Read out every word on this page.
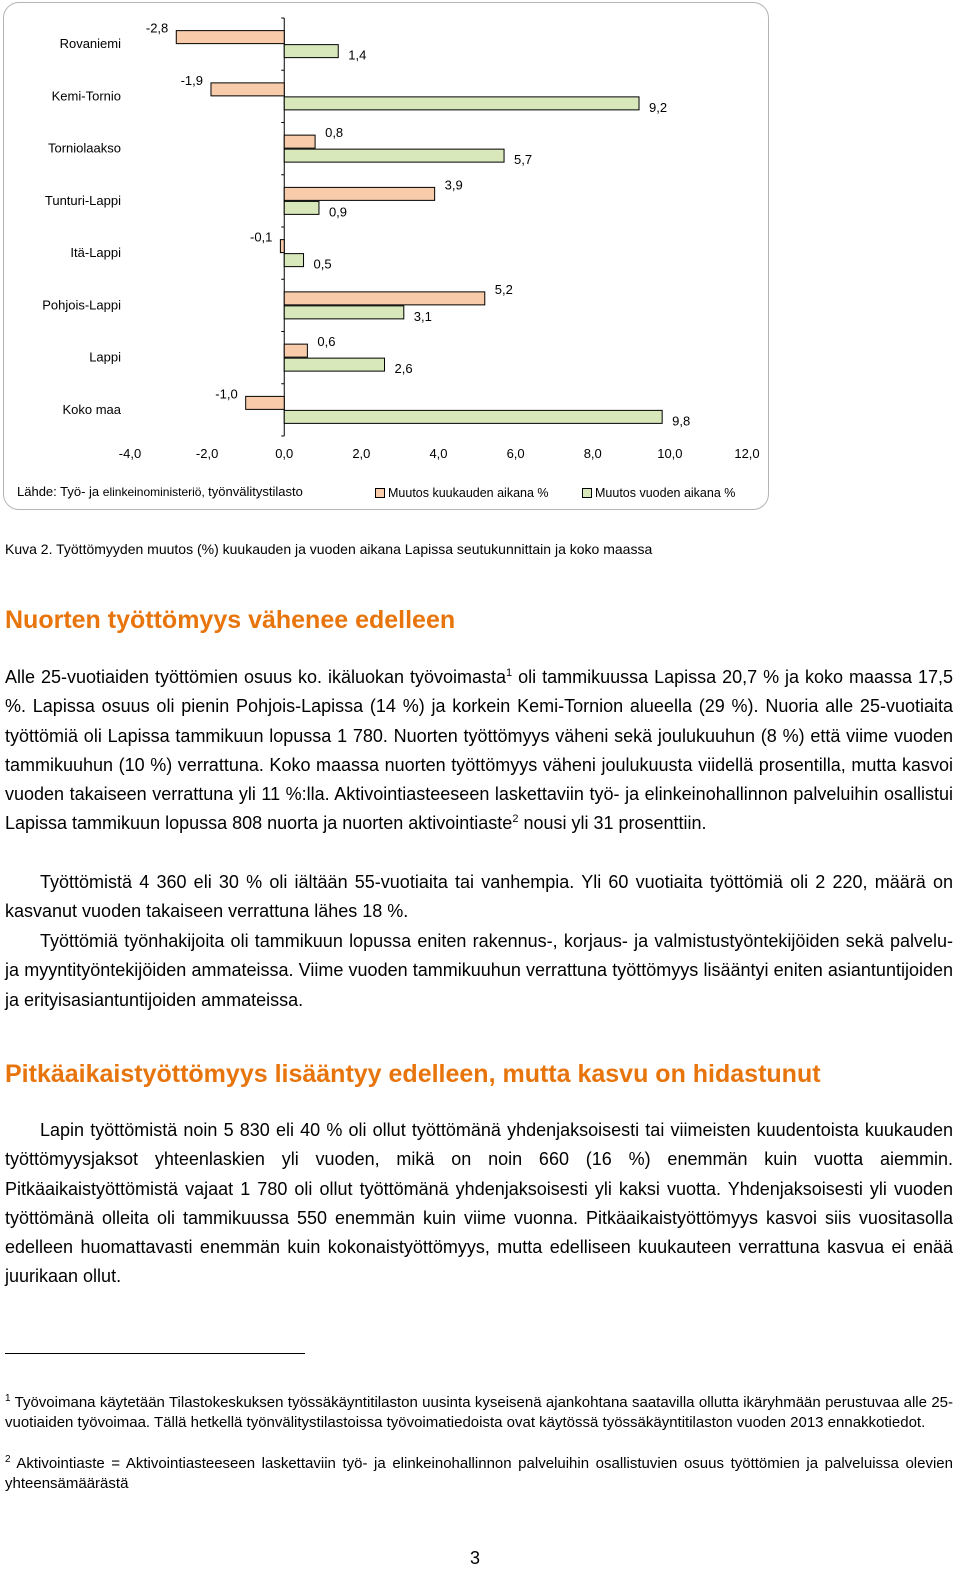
Rovaniemi
-2,8
1,4
Kemi-Tornio
-1,9
9,2
Torniolaakso
0,8
5,7
Tunturi-Lappi
3,9
0,9
Itä-Lappi
-0,1
0,5
Pohjois-Lappi
5,2
3,1
Lappi
0,6
2,6
Koko maa
-1,0
9,8
-4,0	-2,0	0,0	2,0	4,0	6,0	8,0	10,0	12,0
Lähde: Työ- ja elinkeinoministeriö, työnvälitystilasto	Muutos kuukauden aikana %	Muutos vuoden aikana %
Kuva 2. Työttömyyden muutos (%) kuukauden ja vuoden aikana Lapissa seutukunnittain ja koko maassa
Nuorten työttömyys vähenee edelleen

Alle 25-vuotiaiden työttömien osuus ko. ikäluokan työvoimasta$^1$ oli tammikuussa Lapissa 20,7 % ja koko maassa 17,5 %. Lapissa osuus oli pienin Pohjois-Lapissa (14 %) ja korkein Kemi-Tornion alueella (29 %). Nuoria alle 25-vuotiaita työttömiä oli Lapissa tammikuun lopussa 1 780. Nuorten työttömyys väheni sekä joulukuuhun (8 %) että viime vuoden tammikuuhun (10 %) verrattuna. Koko maassa nuorten työttömyys väheni joulukuusta viidellä prosentilla, mutta kasvoi vuoden takaiseen verrattuna yli 11 %:lla. Aktivointiasteeseen laskettaviin työ- ja elinkeinohallinnon palveluihin osallistui Lapissa tammikuun lopussa 808 nuorta ja nuorten aktivointiaste$^2$ nousi yli 31 prosenttiin.

Työttömistä 4 360 eli 30 % oli iältään 55-vuotiaita tai vanhempia. Yli 60 vuotiaita työttömiä oli 2 220, määrä on kasvanut vuoden takaiseen verrattuna lähes 18 %.

Työttömiä työnhakijoita oli tammikuun lopussa eniten rakennus-, korjaus- ja valmistustyöntekijöiden sekä palvelu- ja myyntityöntekijöiden ammateissa. Viime vuoden tammikuuhun verrattuna työttömyys lisääntyi eniten asiantuntijoiden ja erityisasiantuntijoiden ammateissa.

Pitkäaikaistyöttömyys lisääntyy edelleen, mutta kasvu on hidastunut

Lapin työttömistä noin 5 830 eli 40 % oli ollut työttömänä yhdenjaksoisesti tai viimeisten kuudentoista kuukauden työttömyysjaksot yhteenlaskien yli vuoden, mikä on noin 660 (16 %) enemmän kuin vuotta aiemmin. Pitkäaikaistyöttömistä vajaat 1 780 oli ollut työttömänä yhdenjaksoisesti yli kaksi vuotta. Yhdenjaksoisesti yli vuoden työttömänä olleita oli tammikuussa 550 enemmän kuin viime vuonna. Pitkäaikaistyöttömyys kasvoi siis vuositasolla edelleen huomattavasti enemmän kuin kokonaistyöttömyys, mutta edelliseen kuukauteen verrattuna kasvua ei enää juurikaan ollut.

$^1$ Työvoimana käytetään Tilastokeskuksen työssäkäyntitilaston uusinta kyseisenä ajankohtana saatavilla ollutta ikäryhmään perustuvaa alle 25-vuotiaiden työvoimaa. Tällä hetkellä työnvälitystilastoissa työvoimatiedoista ovat käytössä työssäkäyntitilaston vuoden 2013 ennakkotiedot.

$^2$ Aktivointiaste = Aktivointiasteeseen laskettaviin työ- ja elinkeinohallinnon palveluihin osallistuvien osuus työttömien ja palveluissa olevien yhteensämäärästä

3
